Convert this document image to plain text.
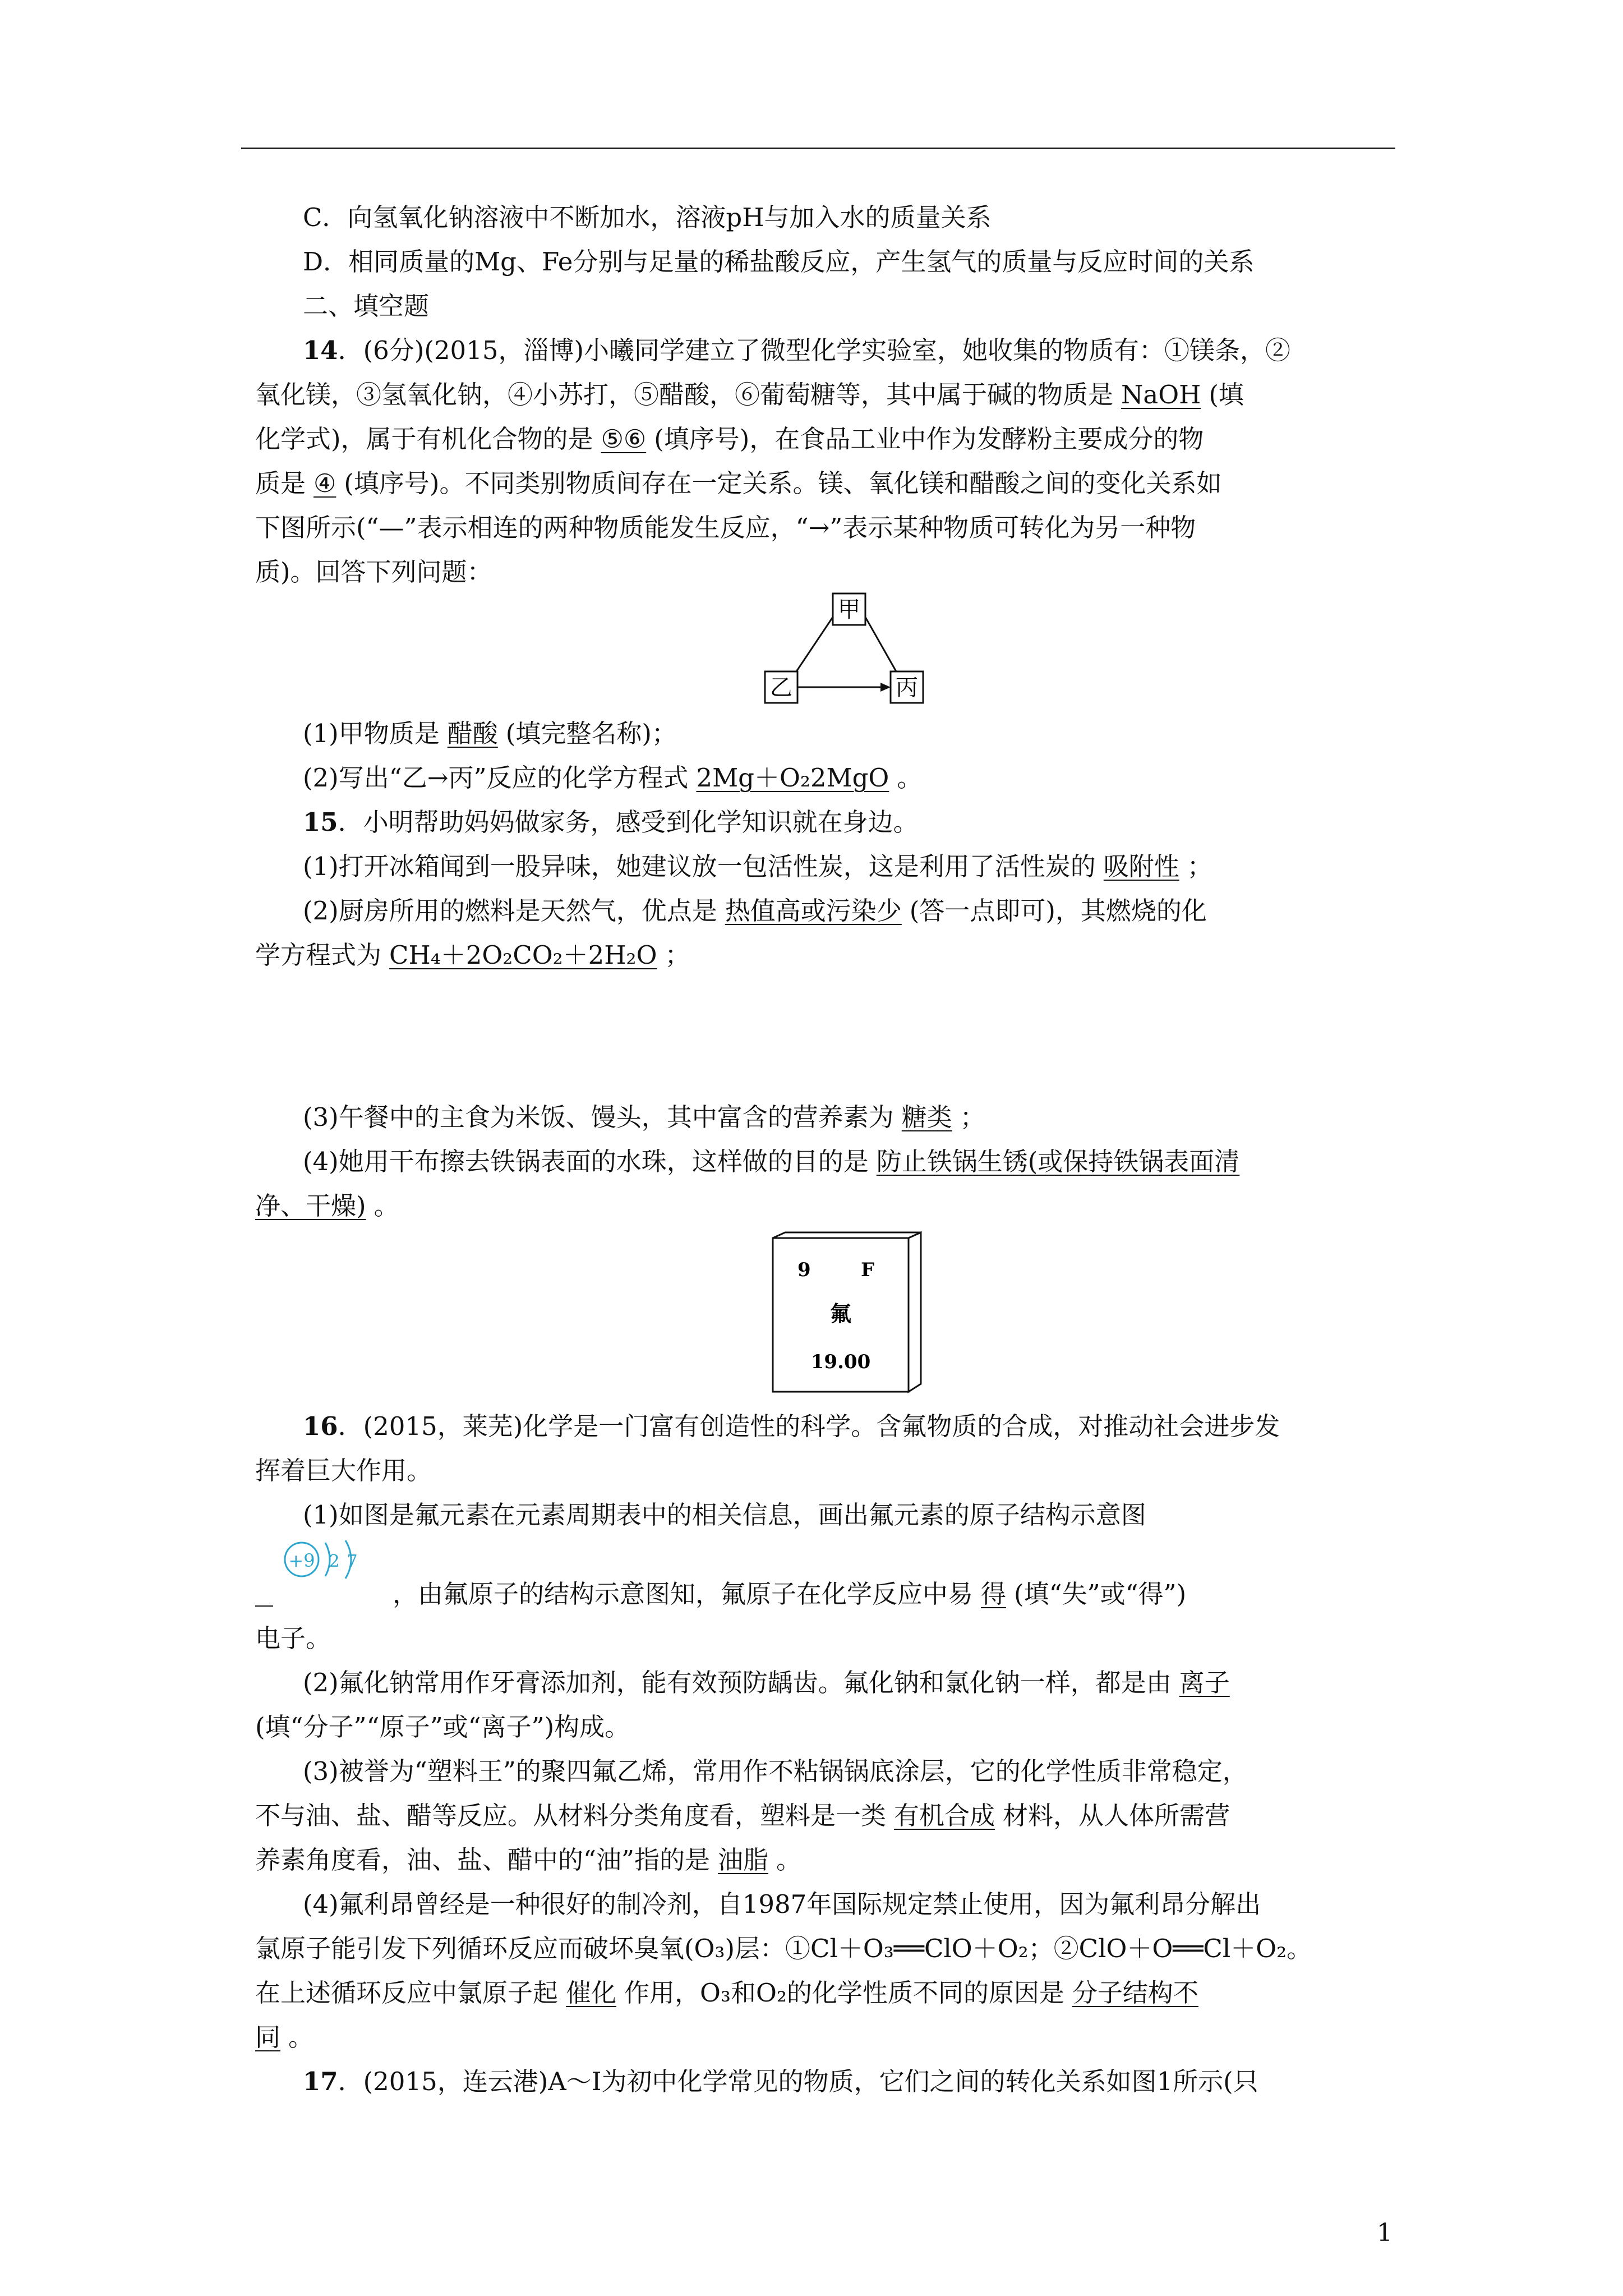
C．向氢氧化钠溶液中不断加水，溶液pH与加入水的质量关系
D．相同质量的Mg、Fe分别与足量的稀盐酸反应，产生氢气的质量与反应时间的关系
二、填空题
14．(6分)(2015，淄博)小曦同学建立了微型化学实验室，她收集的物质有：①镁条，②
氧化镁，③氢氧化钠，④小苏打，⑤醋酸，⑥葡萄糖等，其中属于碱的物质是 NaOH (填
化学式)，属于有机化合物的是 ⑤⑥ (填序号)，在食品工业中作为发酵粉主要成分的物
质是 ④ (填序号)。不同类别物质间存在一定关系。镁、氧化镁和醋酸之间的变化关系如
下图所示(“—”表示相连的两种物质能发生反应，“→”表示某种物质可转化为另一种物
质)。回答下列问题：
甲
乙	丙
(1)甲物质是 醋酸 (填完整名称)；
(2)写出“乙→丙”反应的化学方程式 2Mg＋O₂2MgO 。
15．小明帮助妈妈做家务，感受到化学知识就在身边。
(1)打开冰箱闻到一股异味，她建议放一包活性炭，这是利用了活性炭的 吸附性 ；
(2)厨房所用的燃料是天然气，优点是 热值高或污染少 (答一点即可)，其燃烧的化
学方程式为 CH₄＋2O₂CO₂＋2H₂O ；
(3)午餐中的主食为米饭、馒头，其中富含的营养素为 糖类 ；
(4)她用干布擦去铁锅表面的水珠，这样做的目的是 防止铁锅生锈(或保持铁锅表面清
净、干燥) 。
9	F
氟
19.00
16．(2015，莱芜)化学是一门富有创造性的科学。含氟物质的合成，对推动社会进步发
挥着巨大作用。
(1)如图是氟元素在元素周期表中的相关信息，画出氟元素的原子结构示意图
+9 2 7
，由氟原子的结构示意图知，氟原子在化学反应中易 得 (填“失”或“得”)
电子。
(2)氟化钠常用作牙膏添加剂，能有效预防龋齿。氟化钠和氯化钠一样，都是由 离子
(填“分子”“原子”或“离子”)构成。
(3)被誉为“塑料王”的聚四氟乙烯，常用作不粘锅锅底涂层，它的化学性质非常稳定，
不与油、盐、醋等反应。从材料分类角度看，塑料是一类 有机合成 材料，从人体所需营
养素角度看，油、盐、醋中的“油”指的是 油脂 。
(4)氟利昂曾经是一种很好的制冷剂，自1987年国际规定禁止使用，因为氟利昂分解出
氯原子能引发下列循环反应而破坏臭氧(O₃)层：①Cl＋O₃══ClO＋O₂；②ClO＋O══Cl＋O₂。
在上述循环反应中氯原子起 催化 作用，O₃和O₂的化学性质不同的原因是 分子结构不
同 。
17．(2015，连云港)A～I为初中化学常见的物质，它们之间的转化关系如图1所示(只
1
